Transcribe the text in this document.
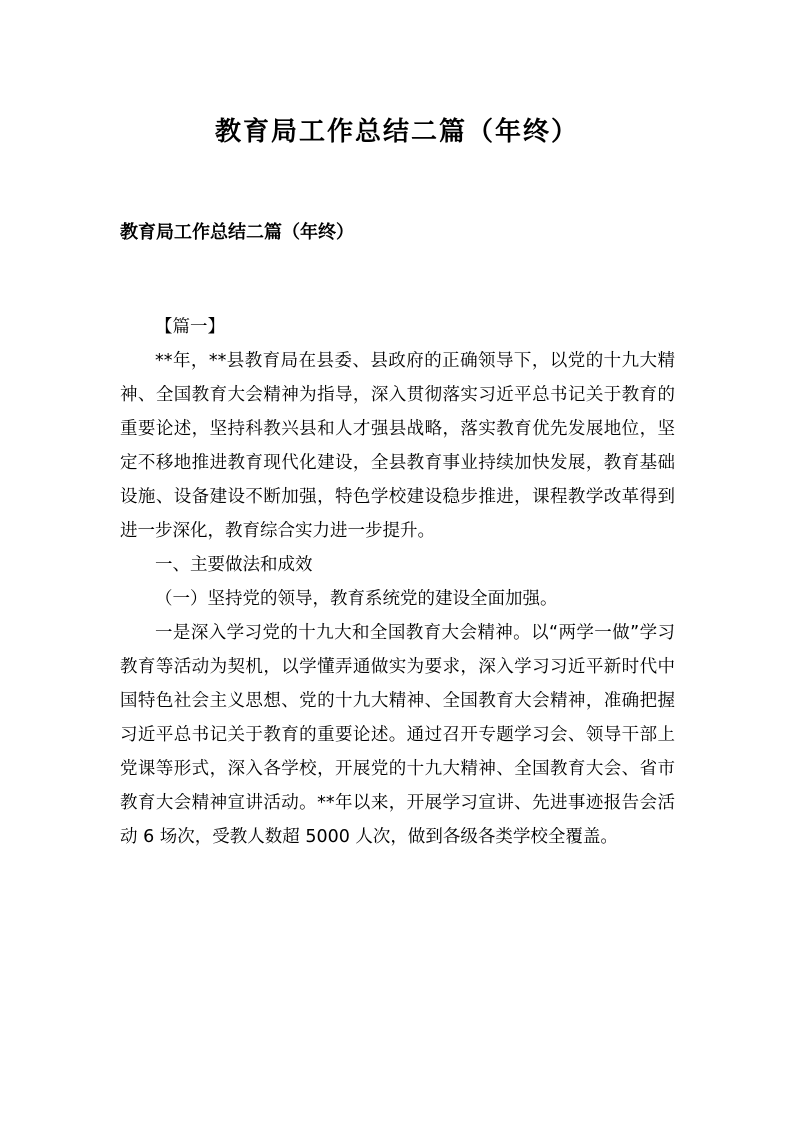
教育局工作总结二篇（年终）
教育局工作总结二篇（年终）

【篇一】

**年，**县教育局在县委、县政府的正确领导下，以党的十九大精神、全国教育大会精神为指导，深入贯彻落实习近平总书记关于教育的重要论述，坚持科教兴县和人才强县战略，落实教育优先发展地位，坚定不移地推进教育现代化建设，全县教育事业持续加快发展，教育基础设施、设备建设不断加强，特色学校建设稳步推进，课程教学改革得到进一步深化，教育综合实力进一步提升。

一、主要做法和成效

（一）坚持党的领导，教育系统党的建设全面加强。

一是深入学习党的十九大和全国教育大会精神。以“两学一做”学习教育等活动为契机，以学懂弄通做实为要求，深入学习习近平新时代中国特色社会主义思想、党的十九大精神、全国教育大会精神，准确把握习近平总书记关于教育的重要论述。通过召开专题学习会、领导干部上党课等形式，深入各学校，开展党的十九大精神、全国教育大会、省市教育大会精神宣讲活动。**年以来，开展学习宣讲、先进事迹报告会活动 6 场次，受教人数超 5000 人次，做到各级各类学校全覆盖。
